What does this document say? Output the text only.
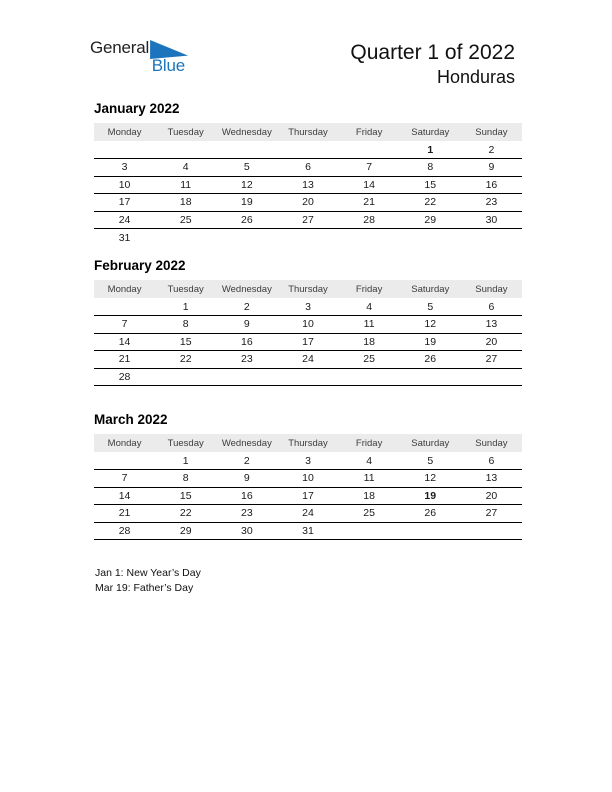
General
Blue
Quarter 1 of 2022
Honduras
January 2022
Monday	Tuesday	Wednesday	Thursday	Friday	Saturday	Sunday
					1	2
3	4	5	6	7	8	9
10	11	12	13	14	15	16
17	18	19	20	21	22	23
24	25	26	27	28	29	30
31						
February 2022
Monday	Tuesday	Wednesday	Thursday	Friday	Saturday	Sunday
	1	2	3	4	5	6
7	8	9	10	11	12	13
14	15	16	17	18	19	20
21	22	23	24	25	26	27
28						
March 2022
Monday	Tuesday	Wednesday	Thursday	Friday	Saturday	Sunday
	1	2	3	4	5	6
7	8	9	10	11	12	13
14	15	16	17	18	19	20
21	22	23	24	25	26	27
28	29	30	31			
Jan 1: New Year’s Day
Mar 19: Father’s Day
